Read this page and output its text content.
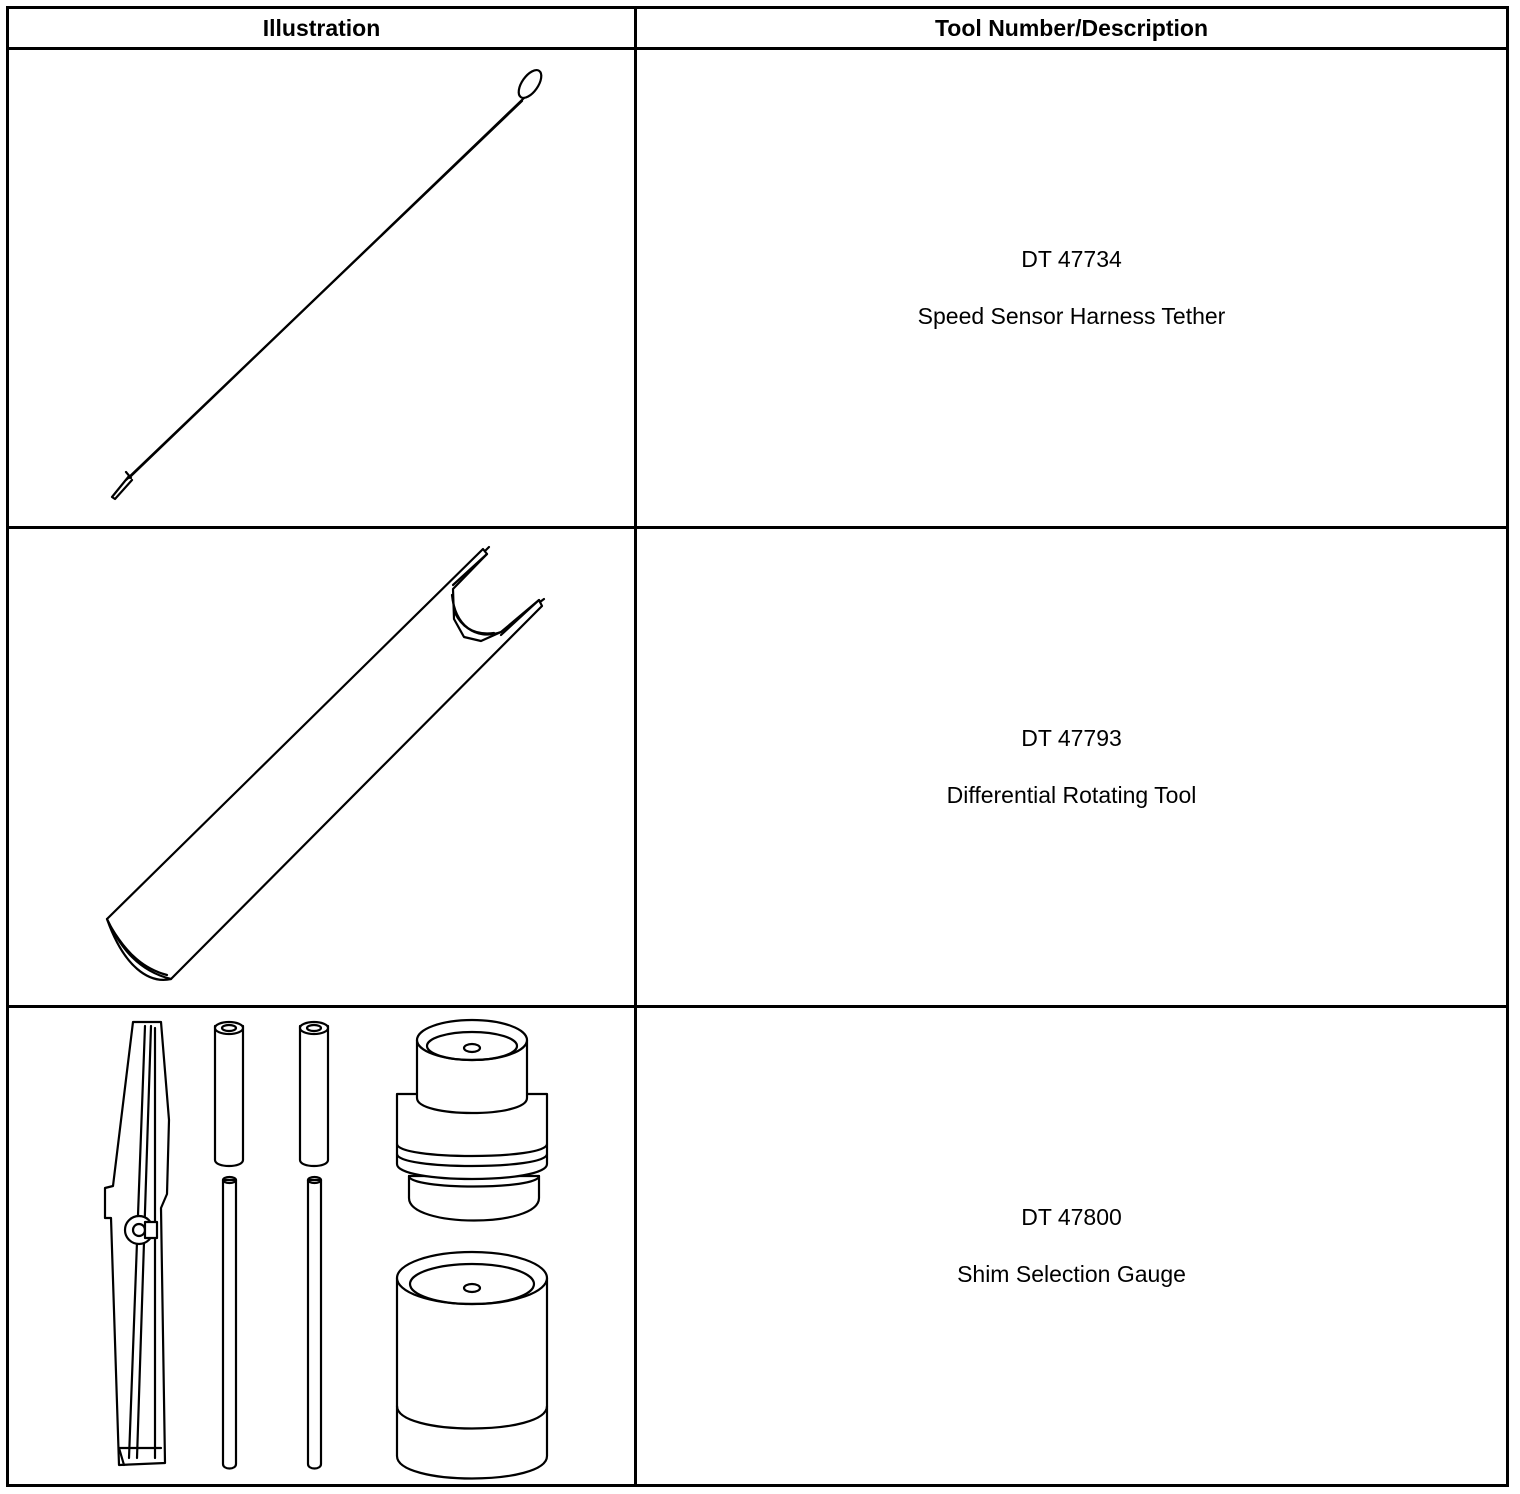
Illustration	Tool Number/Description

DT 47734
Speed Sensor Harness Tether

DT 47793
Differential Rotating Tool

DT 47800
Shim Selection Gauge
